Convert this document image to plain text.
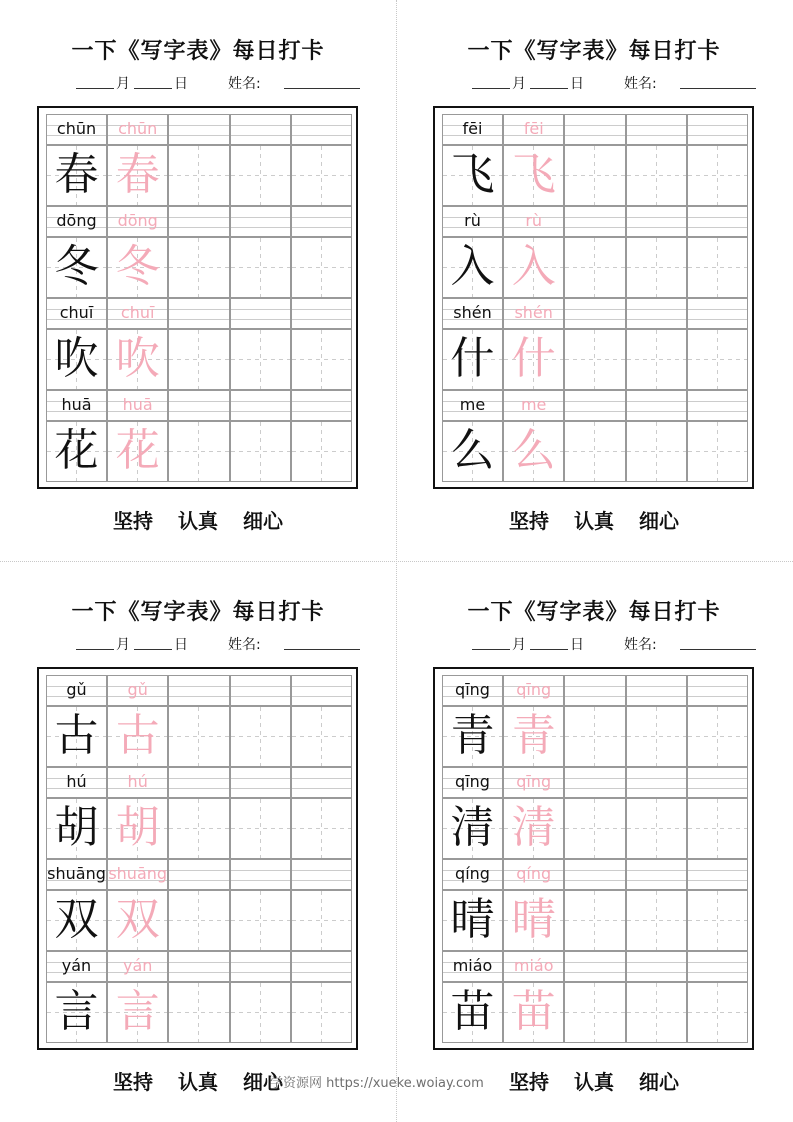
一下《写字表》每日打卡
月	日	姓名:
chūn	chūn
春 春
dōng	dōng
冬 冬
chuī	chuī
吹 吹
huā	huā
花 花
坚持 认真 细心
一下《写字表》每日打卡
月	日	姓名:
fēi	fēi
飞 飞
rù	rù
入 入
shén	shén
什 什
me	me
么 么
坚持 认真 细心
一下《写字表》每日打卡
月	日	姓名:
gǔ	gǔ
古 古
hú	hú
胡 胡
shuāng shuāng
双 双
yán	yán
言 言
坚持 认真 细心
一下《写字表》每日打卡
月	日	姓名:
qīng	qīng
青 青
qīng	qīng
清 清
qíng	qíng
晴 晴
miáo	miáo
苗 苗
坚持 认真 细心
学资源网 https://xueke.woiay.com
